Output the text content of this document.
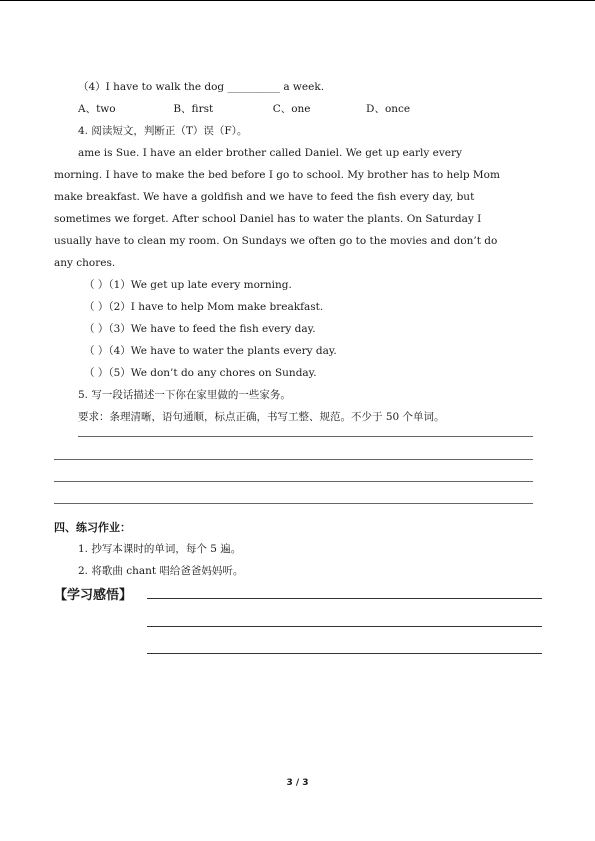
（4）I have to walk the dog __________ a week.
A、two	B、first	C、one	D、once
4. 阅读短文，判断正（T）误（F）。
ame is Sue. I have an elder brother called Daniel. We get up early every
morning. I have to make the bed before I go to school. My brother has to help Mom
make breakfast. We have a goldfish and we have to feed the fish every day, but
sometimes we forget. After school Daniel has to water the plants. On Saturday I
usually have to clean my room. On Sundays we often go to the movies and don’t do
any chores.
（ ）（1）We get up late every morning.
（ ）（2）I have to help Mom make breakfast.
（ ）（3）We have to feed the fish every day.
（ ）（4）We have to water the plants every day.
（ ）（5）We don’t do any chores on Sunday.
5. 写一段话描述一下你在家里做的一些家务。
要求：条理清晰，语句通顺，标点正确，书写工整、规范。不少于 50 个单词。
四、练习作业：
1. 抄写本课时的单词，每个 5 遍。
2. 将歌曲 chant 唱给爸爸妈妈听。
【学习感悟】
3 / 3
